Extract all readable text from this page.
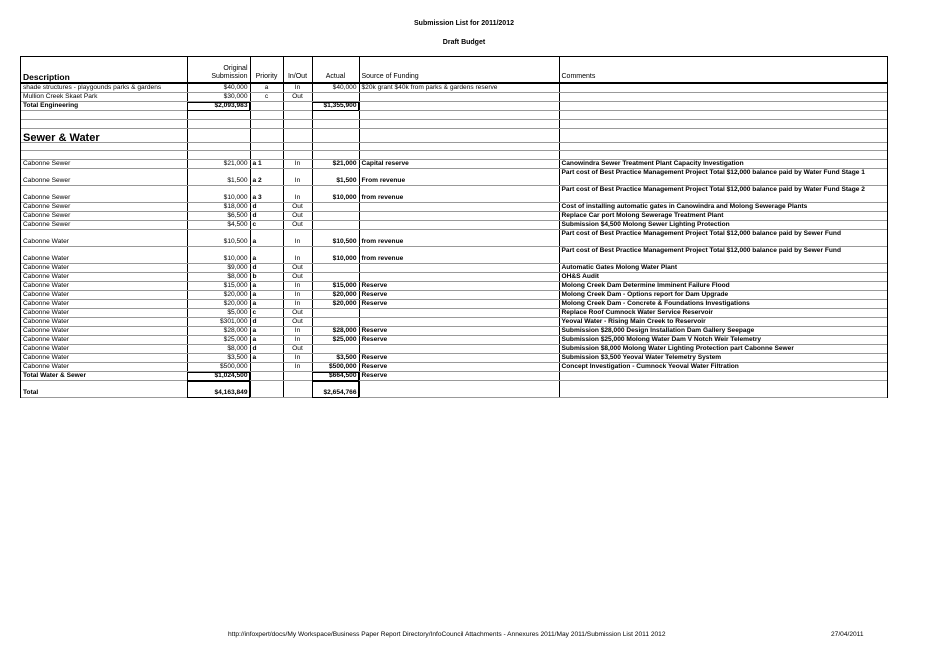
Submission List for 2011/2012
Draft Budget
Description	Original Submission	Priority	In/Out	Actual	Source of Funding	Comments
shade structures - playgounds parks & gardens	$40,000	a	In	$40,000	$20k grant $40k from parks & gardens reserve	
Mullion Creek Skaet Park	$30,000	c	Out			
Total Engineering	$2,093,983			$1,355,900		

Sewer & Water						

Cabonne Sewer	$21,000	a 1	In	$21,000	Capital reserve	Canowindra Sewer Treatment Plant Capacity Investigation
Cabonne Sewer	$1,500	a 2	In	$1,500	From revenue	Part cost of Best Practice Management Project Total $12,000 balance paid by Water Fund Stage 1
Cabonne Sewer	$10,000	a 3	In	$10,000	from revenue	Part cost of Best Practice Management Project Total $12,000 balance paid by Water Fund Stage 2
Cabonne Sewer	$18,000	d	Out			Cost of installing automatic gates in Canowindra and Molong Sewerage Plants
Cabonne Sewer	$6,500	d	Out			Replace Car port Molong Sewerage Treatment Plant
Cabonne Sewer	$4,500	c	Out			Submission $4,500 Molong Sewer Lighting Protection
Cabonne Water	$10,500	a	In	$10,500	from revenue	Part cost of Best Practice Management Project Total $12,000 balance paid by Sewer Fund
Cabonne Water	$10,000	a	In	$10,000	from revenue	Part cost of Best Practice Management Project Total $12,000 balance paid by Sewer Fund
Cabonne Water	$9,000	d	Out			Automatic Gates Molong Water Plant
Cabonne Water	$8,000	b	Out			OH&S Audit
Cabonne Water	$15,000	a	In	$15,000	Reserve	Molong Creek Dam Determine Imminent Failure Flood
Cabonne Water	$20,000	a	In	$20,000	Reserve	Molong Creek Dam - Options report for Dam Upgrade
Cabonne Water	$20,000	a	In	$20,000	Reserve	Molong Creek Dam - Concrete & Foundations Investigations
Cabonne Water	$5,000	c	Out			Replace Roof Cumnock Water Service Reservoir
Cabonne Water	$301,000	d	Out			Yeoval Water - Rising Main Creek to Reservoir
Cabonne Water	$28,000	a	In	$28,000	Reserve	Submission $28,000 Design Installation Dam Gallery Seepage
Cabonne Water	$25,000	a	In	$25,000	Reserve	Submission $25,000 Molong Water Dam V Notch Weir Telemetry
Cabonne Water	$8,000	d	Out			Submission $8,000 Molong Water Lighting Protection part Cabonne Sewer
Cabonne Water	$3,500	a	In	$3,500	Reserve	Submission $3,500 Yeoval Water Telemetry System
Cabonne Water	$500,000		In	$500,000	Reserve	Concept Investigation - Cumnock Yeoval Water Filtration
Total Water & Sewer	$1,024,500			$664,500	Reserve	
Total	$4,163,849			$2,654,766		
http://infoxpert/docs/My Workspace/Business Paper Report Directory/InfoCouncil Attachments - Annexures 2011/May 2011/Submission List 2011 2012	27/04/2011
